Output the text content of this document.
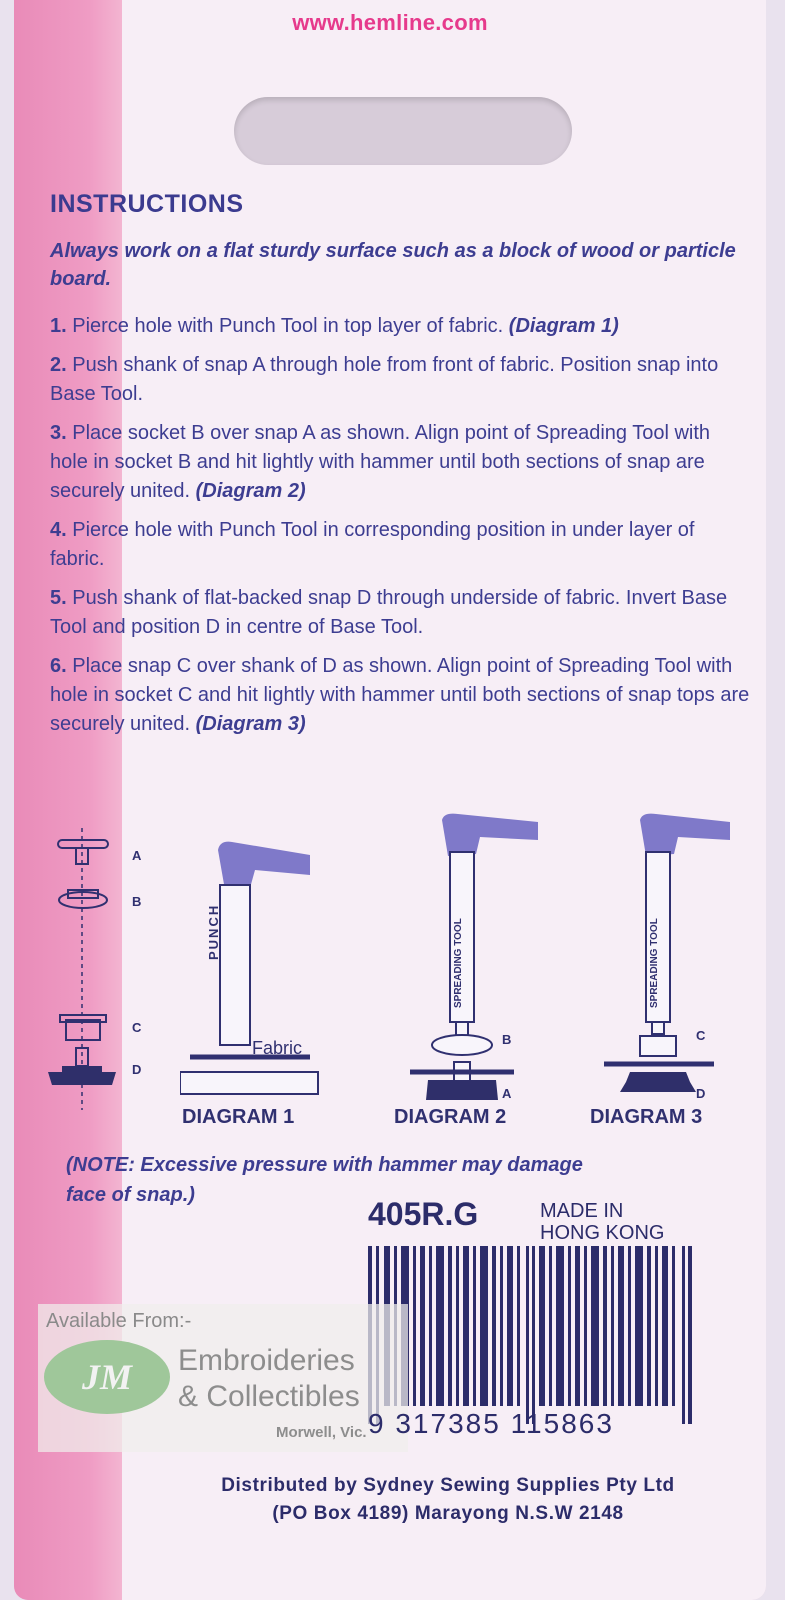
www.hemline.com
INSTRUCTIONS
Always work on a flat sturdy surface such as a block of wood or particle board.
1. Pierce hole with Punch Tool in top layer of fabric. (Diagram 1)
2. Push shank of snap A through hole from front of fabric. Position snap into Base Tool.
3. Place socket B over snap A as shown. Align point of Spreading Tool with hole in socket B and hit lightly with hammer until both sections of snap are securely united. (Diagram 2)
4. Pierce hole with Punch Tool in corresponding position in under layer of fabric.
5. Push shank of flat-backed snap D through underside of fabric. Invert Base Tool and position D in centre of Base Tool.
6. Place snap C over shank of D as shown. Align point of Spreading Tool with hole in socket C and hit lightly with hammer until both sections of snap tops are securely united. (Diagram 3)
A
B
C
D
PUNCH
Fabric
DIAGRAM 1
SPREADING TOOL
B
A
DIAGRAM 2
SPREADING TOOL
C
D
DIAGRAM 3
(NOTE: Excessive pressure with hammer may damage face of snap.)
405R.G	MADE IN
HONG KONG
Available From:-
JM	Embroideries
& Collectibles
Morwell, Vic. 9 317385 115863
Distributed by Sydney Sewing Supplies Pty Ltd
(PO Box 4189) Marayong N.S.W 2148
